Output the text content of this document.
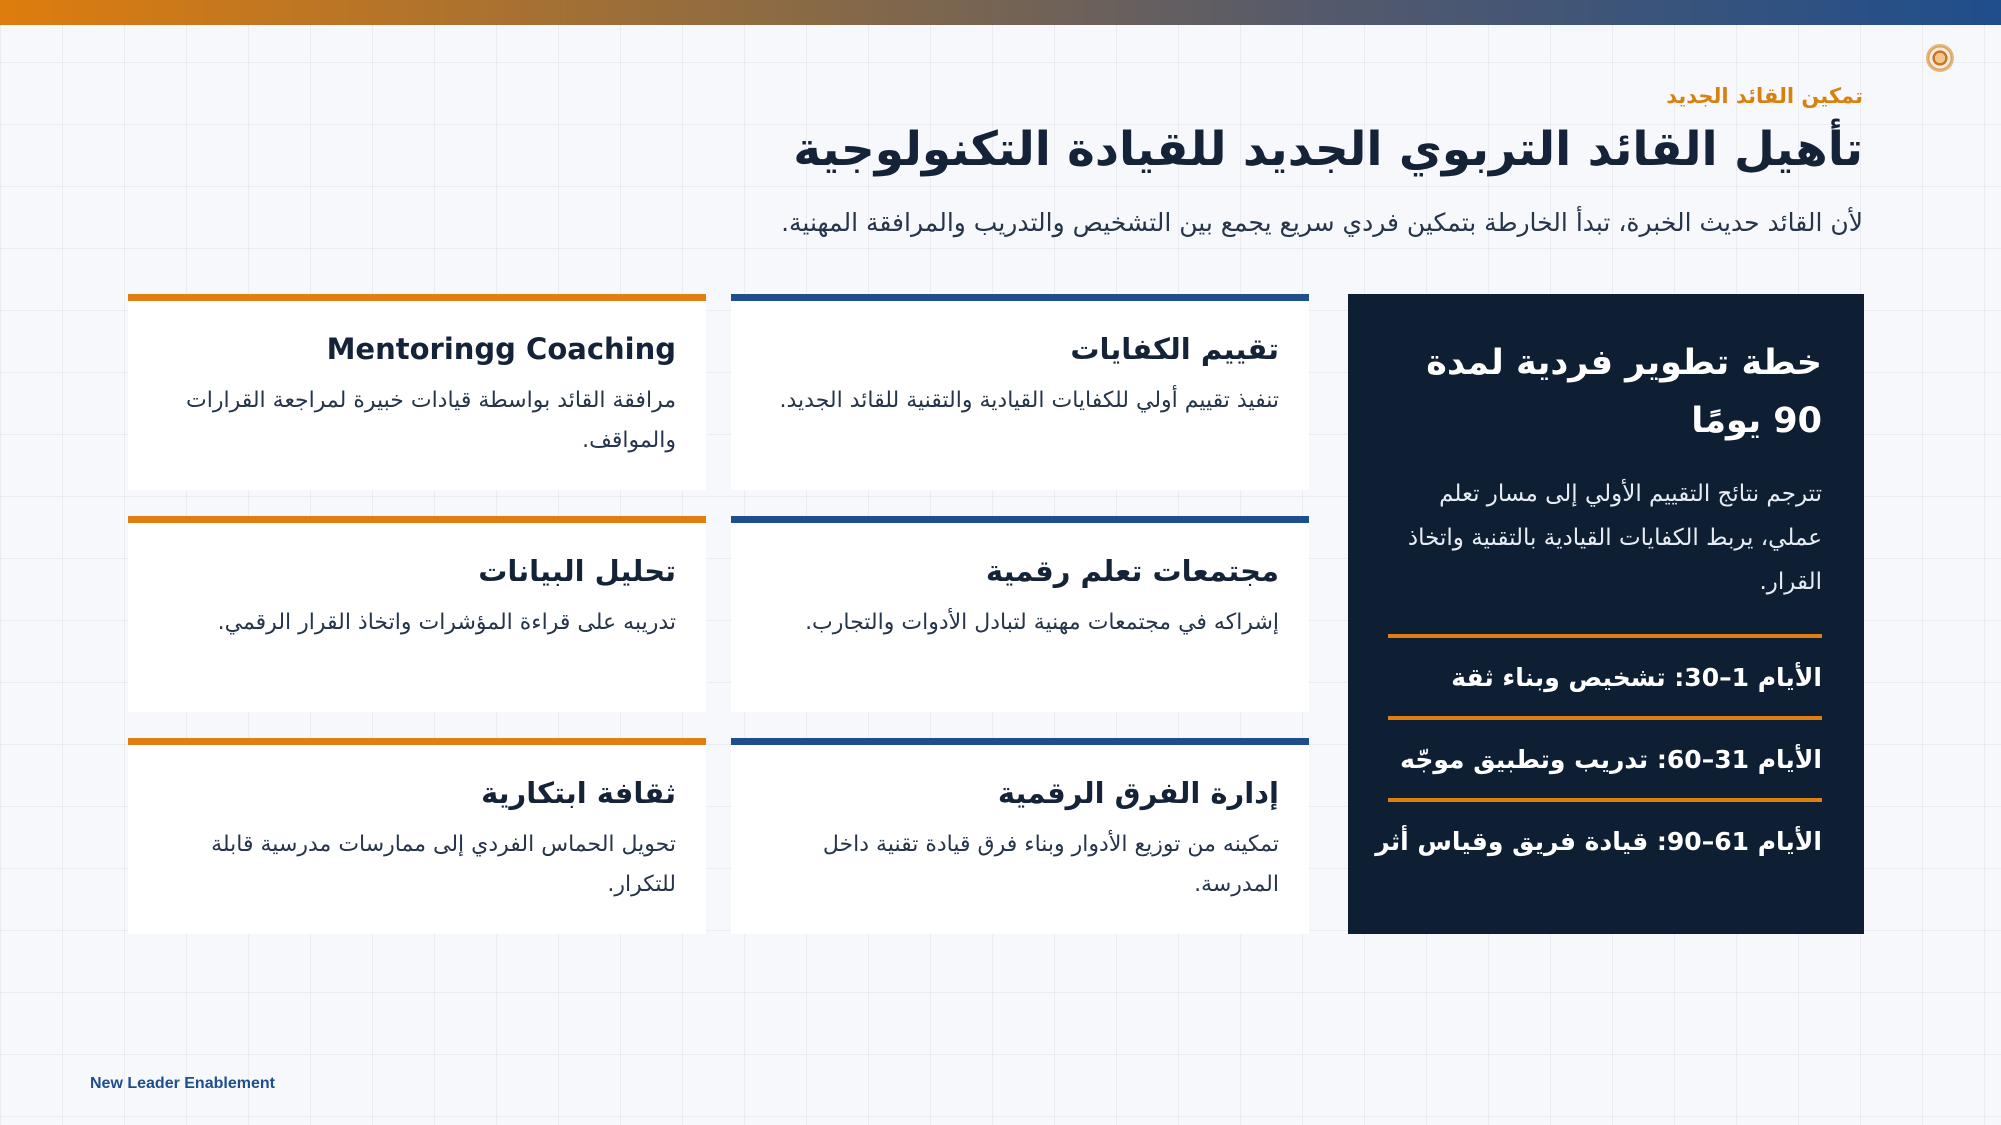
تمكين القائد الجديد
تأهيل القائد التربوي الجديد للقيادة التكنولوجية

لأن القائد حديث الخبرة، تبدأ الخارطة بتمكين فردي سريع يجمع بين التشخيص والتدريب والمرافقة المهنية.

خطة تطوير فردية لمدة 90 يومًا

تترجم نتائج التقييم الأولي إلى مسار تعلم عملي، يربط الكفايات القيادية بالتقنية واتخاذ القرار.

الأيام 1–30: تشخيص وبناء ثقة
الأيام 31–60: تدريب وتطبيق موجّه
الأيام 61–90: قيادة فريق وقياس أثر
تقييم الكفايات

تنفيذ تقييم أولي للكفايات القيادية والتقنية للقائد الجديد.

Mentoringg Coaching

مرافقة القائد بواسطة قيادات خبيرة لمراجعة القرارات والمواقف.

مجتمعات تعلم رقمية

إشراكه في مجتمعات مهنية لتبادل الأدوات والتجارب.

تحليل البيانات

تدريبه على قراءة المؤشرات واتخاذ القرار الرقمي.

إدارة الفرق الرقمية

تمكينه من توزيع الأدوار وبناء فرق قيادة تقنية داخل المدرسة.

ثقافة ابتكارية

تحويل الحماس الفردي إلى ممارسات مدرسية قابلة للتكرار.

New Leader Enablement
